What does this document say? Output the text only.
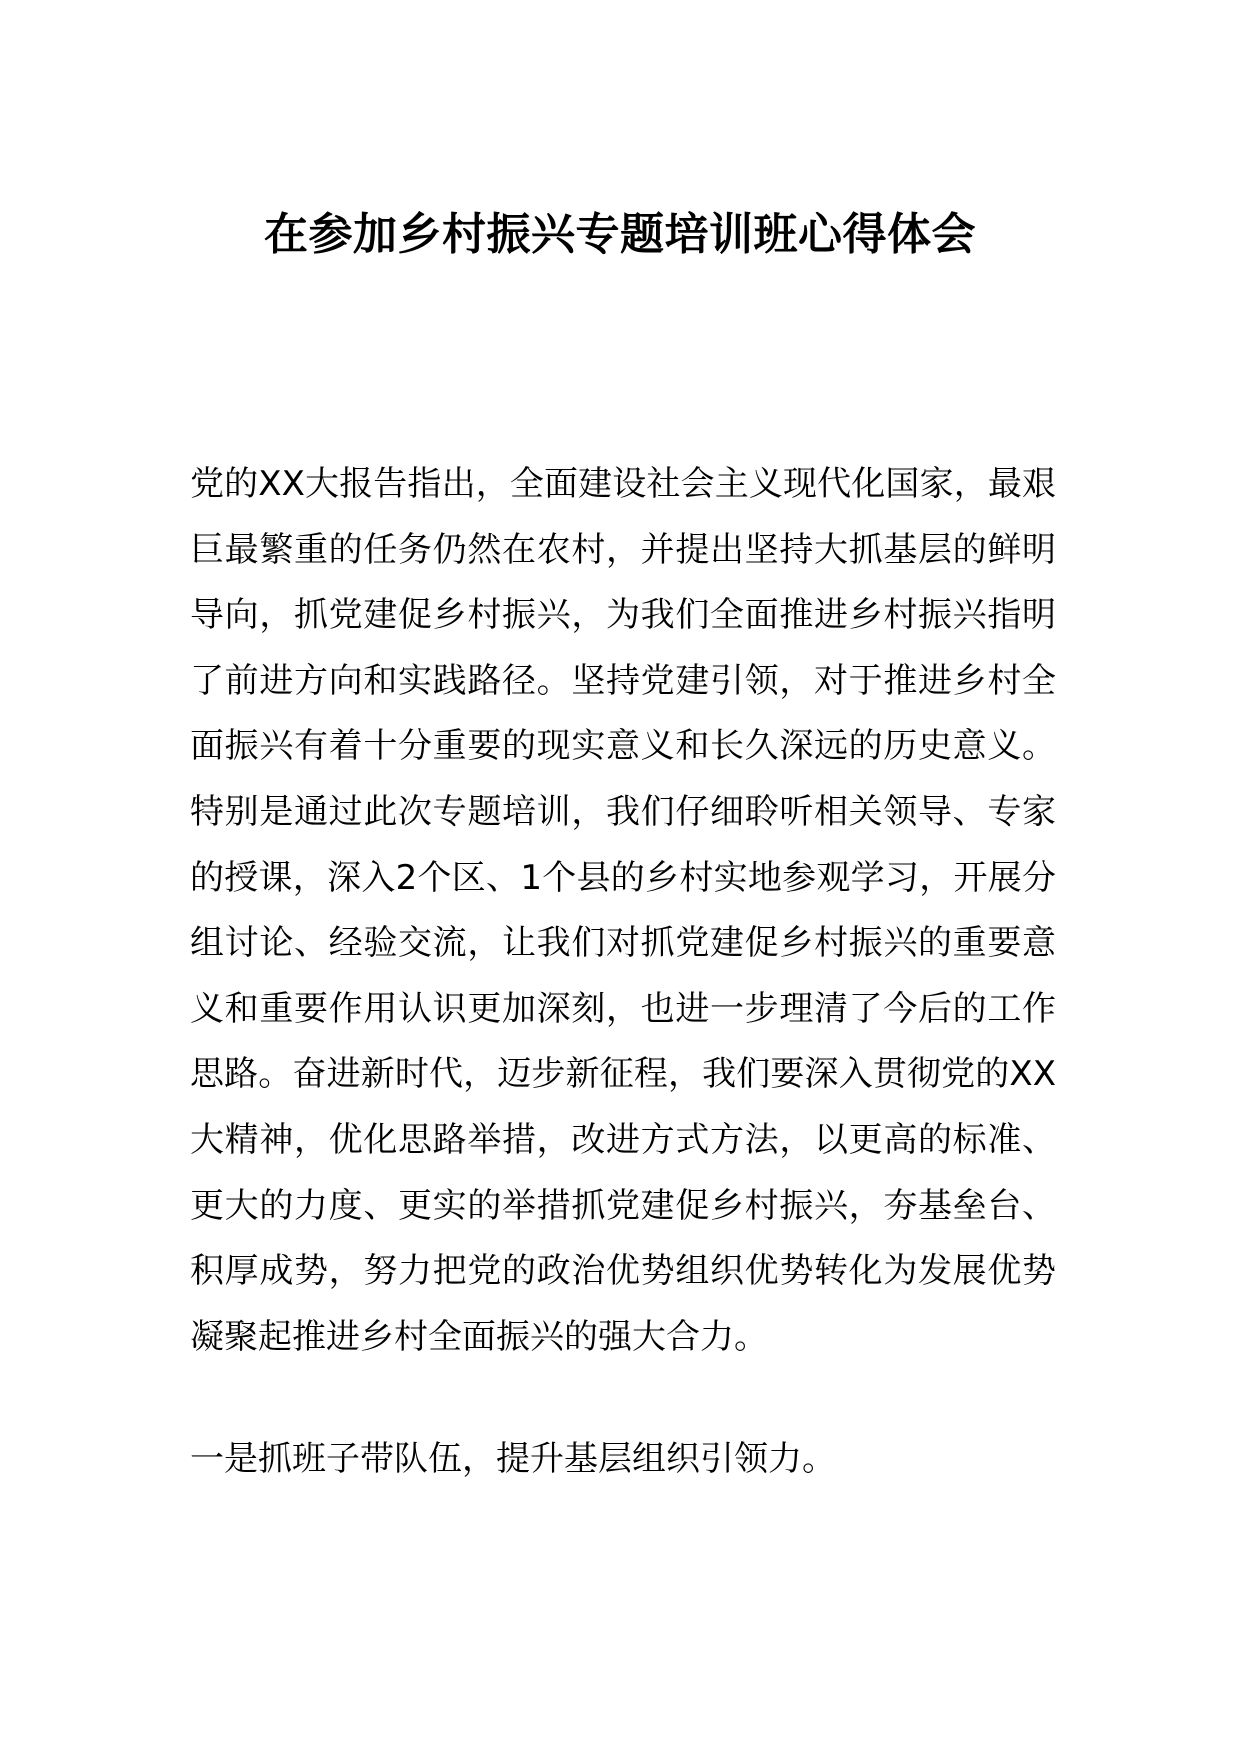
在参加乡村振兴专题培训班心得体会

党的XX大报告指出，全面建设社会主义现代化国家，最艰巨最繁重的任务仍然在农村，并提出坚持大抓基层的鲜明导向，抓党建促乡村振兴，为我们全面推进乡村振兴指明了前进方向和实践路径。坚持党建引领，对于推进乡村全面振兴有着十分重要的现实意义和长久深远的历史意义。特别是通过此次专题培训，我们仔细聆听相关领导、专家的授课，深入2个区、1个县的乡村实地参观学习，开展分组讨论、经验交流，让我们对抓党建促乡村振兴的重要意义和重要作用认识更加深刻，也进一步理清了今后的工作思路。奋进新时代，迈步新征程，我们要深入贯彻党的XX大精神，优化思路举措，改进方式方法，以更高的标准、更大的力度、更实的举措抓党建促乡村振兴，夯基垒台、积厚成势，努力把党的政治优势组织优势转化为发展优势凝聚起推进乡村全面振兴的强大合力。

一是抓班子带队伍，提升基层组织引领力。
